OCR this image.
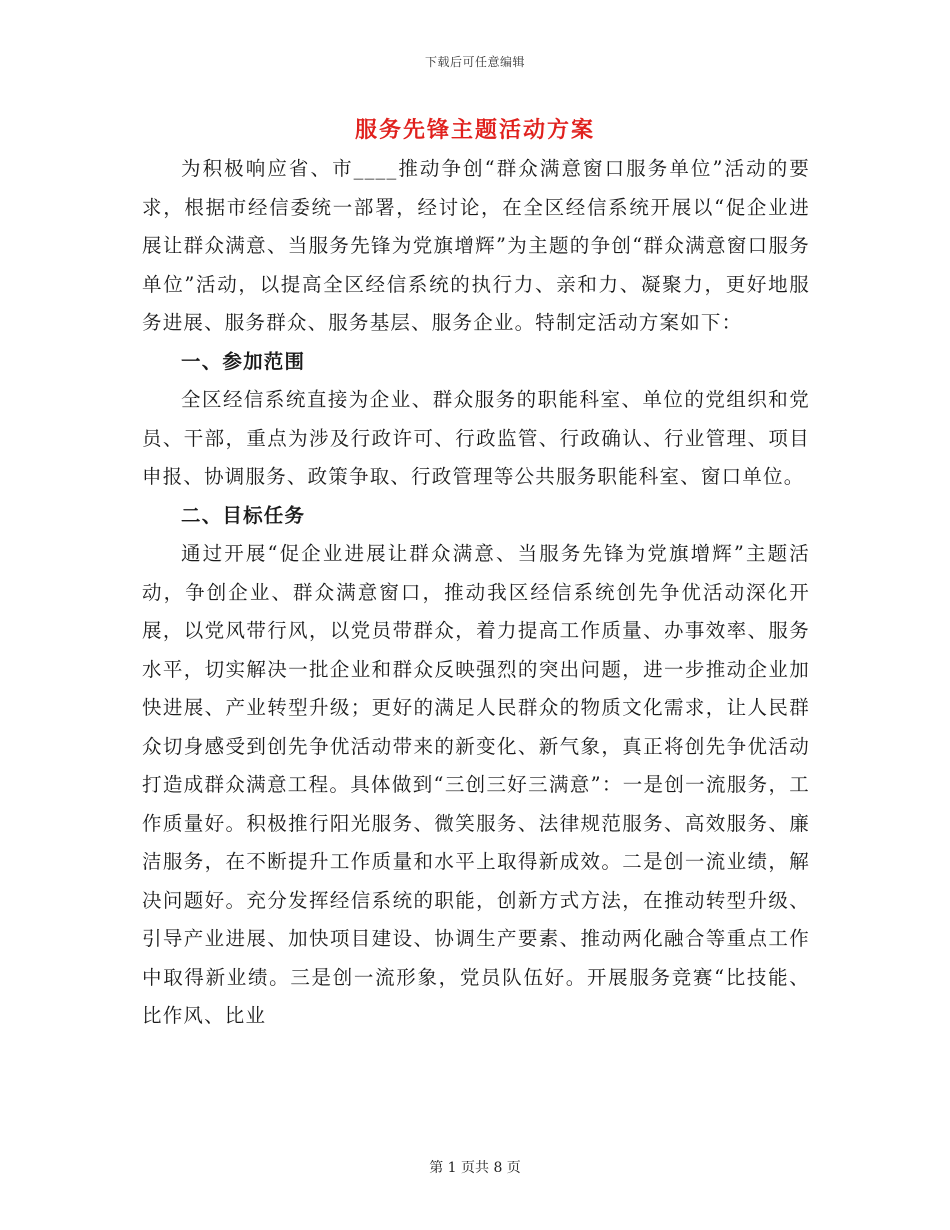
下载后可任意编辑
服务先锋主题活动方案

为积极响应省、市____推动争创“群众满意窗口服务单位”活动的要求，根据市经信委统一部署，经讨论，在全区经信系统开展以“促企业进展让群众满意、当服务先锋为党旗增辉”为主题的争创“群众满意窗口服务单位”活动，以提高全区经信系统的执行力、亲和力、凝聚力，更好地服务进展、服务群众、服务基层、服务企业。特制定活动方案如下：

一、参加范围

全区经信系统直接为企业、群众服务的职能科室、单位的党组织和党员、干部，重点为涉及行政许可、行政监管、行政确认、行业管理、项目申报、协调服务、政策争取、行政管理等公共服务职能科室、窗口单位。

二、目标任务

通过开展“促企业进展让群众满意、当服务先锋为党旗增辉”主题活动，争创企业、群众满意窗口，推动我区经信系统创先争优活动深化开展，以党风带行风，以党员带群众，着力提高工作质量、办事效率、服务水平，切实解决一批企业和群众反映强烈的突出问题，进一步推动企业加快进展、产业转型升级；更好的满足人民群众的物质文化需求，让人民群众切身感受到创先争优活动带来的新变化、新气象，真正将创先争优活动打造成群众满意工程。具体做到“三创三好三满意”：一是创一流服务，工作质量好。积极推行阳光服务、微笑服务、法律规范服务、高效服务、廉洁服务，在不断提升工作质量和水平上取得新成效。二是创一流业绩，解决问题好。充分发挥经信系统的职能，创新方式方法，在推动转型升级、引导产业进展、加快项目建设、协调生产要素、推动两化融合等重点工作中取得新业绩。三是创一流形象，党员队伍好。开展服务竞赛“比技能、比作风、比业

第 1 页共 8 页
